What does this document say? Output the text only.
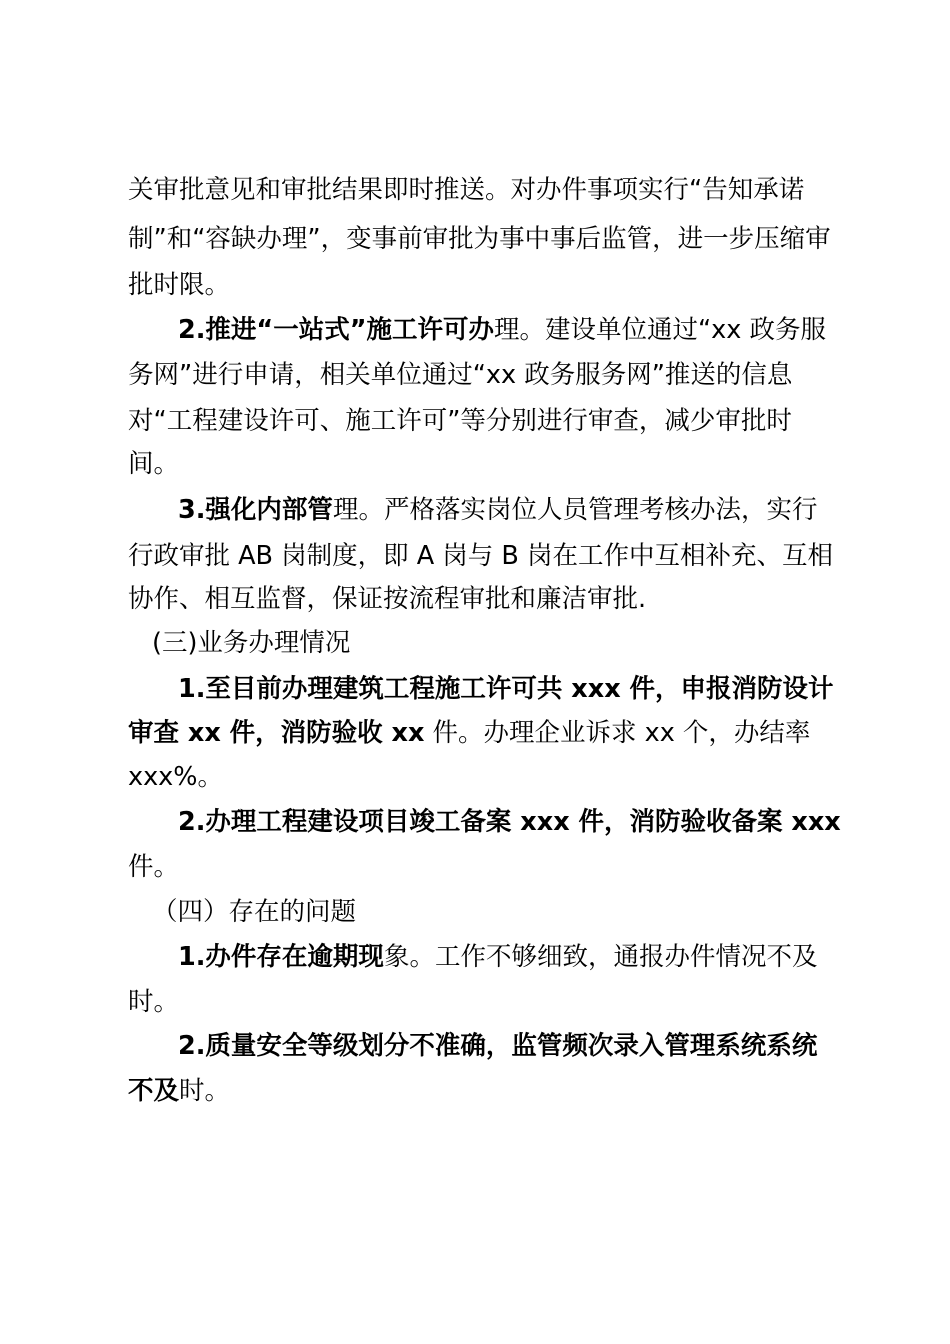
关审批意见和审批结果即时推送。对办件事项实行“告知承诺
制”和“容缺办理”，变事前审批为事中事后监管，进一步压缩审
批时限。
2.推进“一站式”施工许可办理。建设单位通过“xx 政务服
务网”进行申请，相关单位通过“xx 政务服务网”推送的信息
对“工程建设许可、施工许可”等分别进行审查，减少审批时
间。
3.强化内部管理。严格落实岗位人员管理考核办法，实行
行政审批 AB 岗制度，即 A 岗与 B 岗在工作中互相补充、互相
协作、相互监督，保证按流程审批和廉洁审批.
(三)业务办理情况
1.至目前办理建筑工程施工许可共 xxx 件，申报消防设计
审查 xx 件，消防验收 xx 件。办理企业诉求 xx 个，办结率
xxx%。
2.办理工程建设项目竣工备案 xxx 件，消防验收备案 xxx
件。
（四）存在的问题
1.办件存在逾期现象。工作不够细致，通报办件情况不及
时。
2.质量安全等级划分不准确，监管频次录入管理系统系统
不及时。
